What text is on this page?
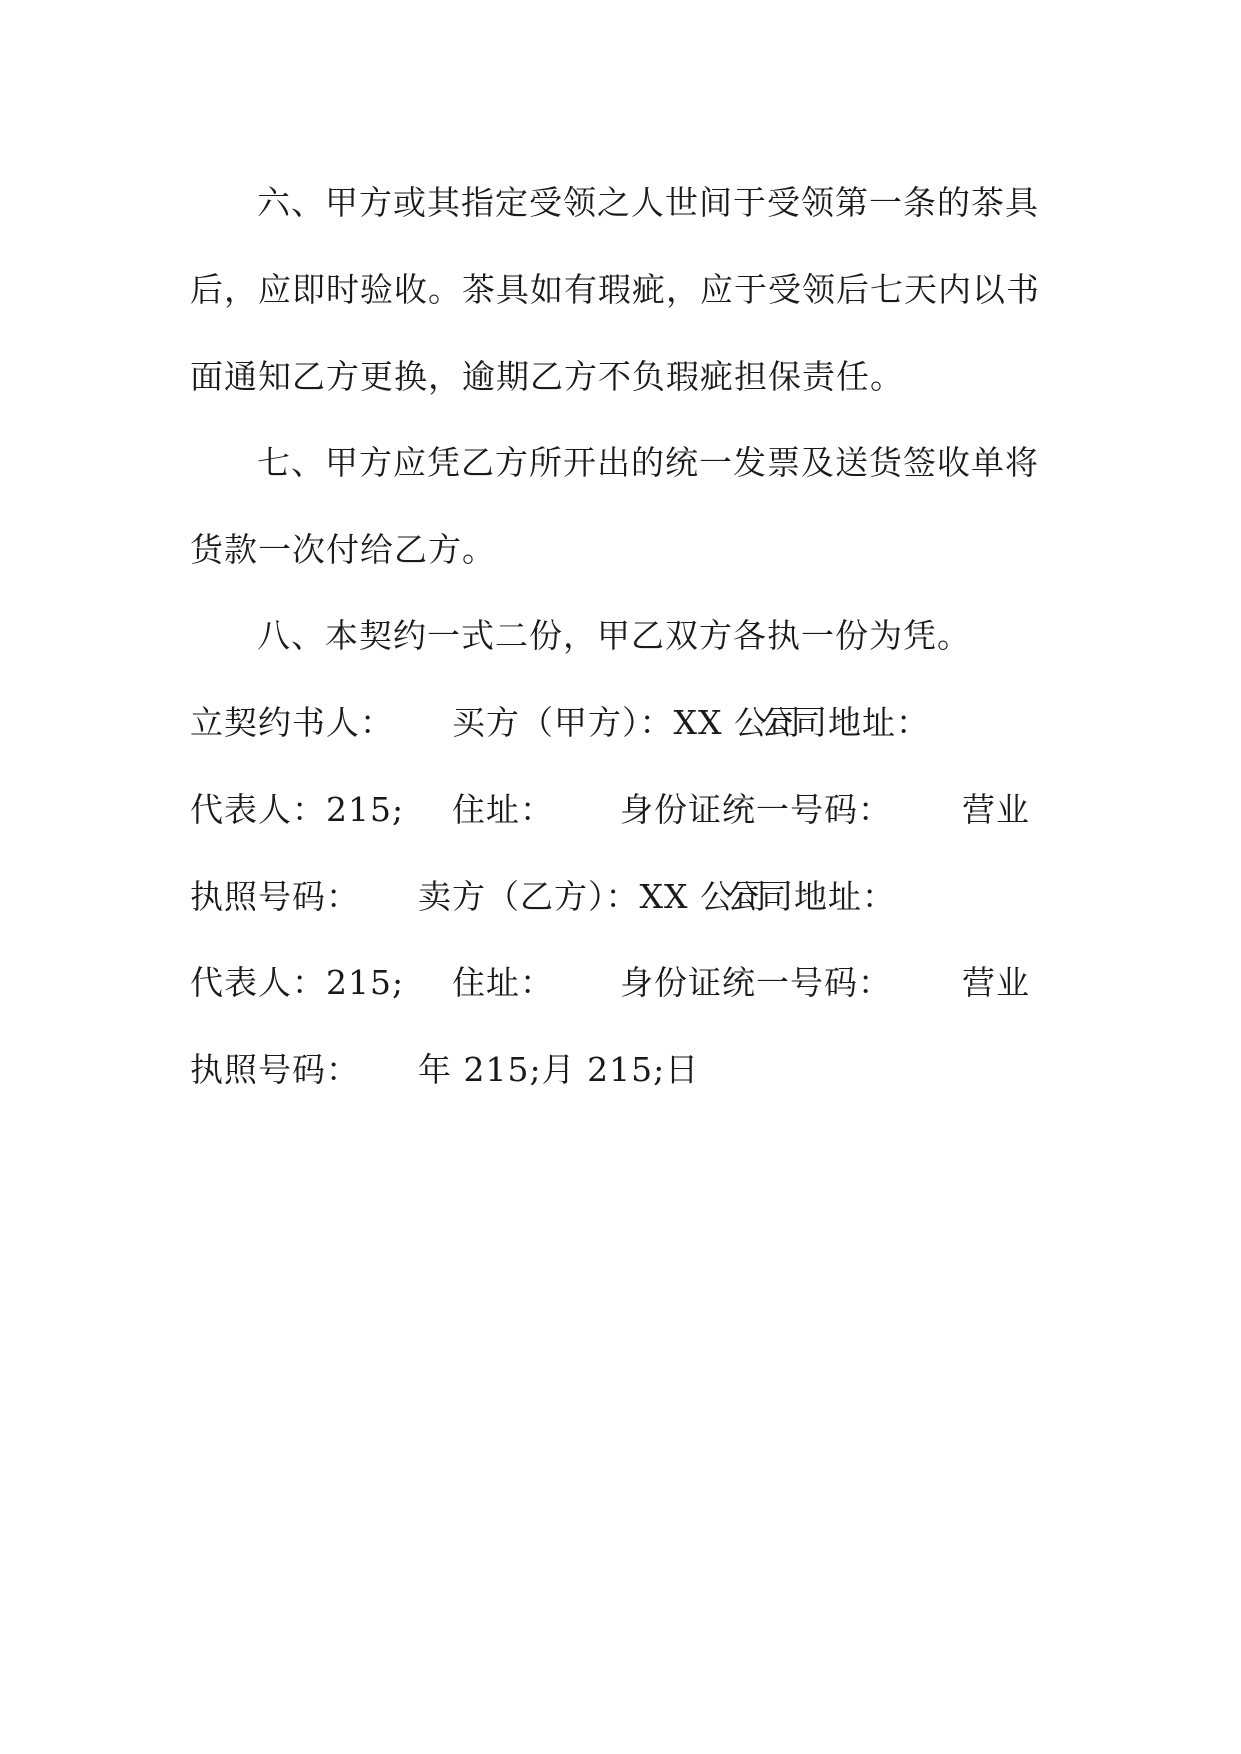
六、甲方或其指定受领之人世间于受领第一条的茶具
后，应即时验收。茶具如有瑕疵，应于受领后七天内以书
面通知乙方更换，逾期乙方不负瑕疵担保责任。
七、甲方应凭乙方所开出的统一发票及送货签收单将
货款一次付给乙方。
八、本契约一式二份，甲乙双方各执一份为凭。
立契约书人： 买方（甲方）：XX 公司
公司地址：
代表人：215; 住址： 身份证统一号码： 营业
执照号码： 卖方（乙方）：XX 公司
公司地址：
代表人：215; 住址： 身份证统一号码： 营业
执照号码： 年 215;月 215;日
